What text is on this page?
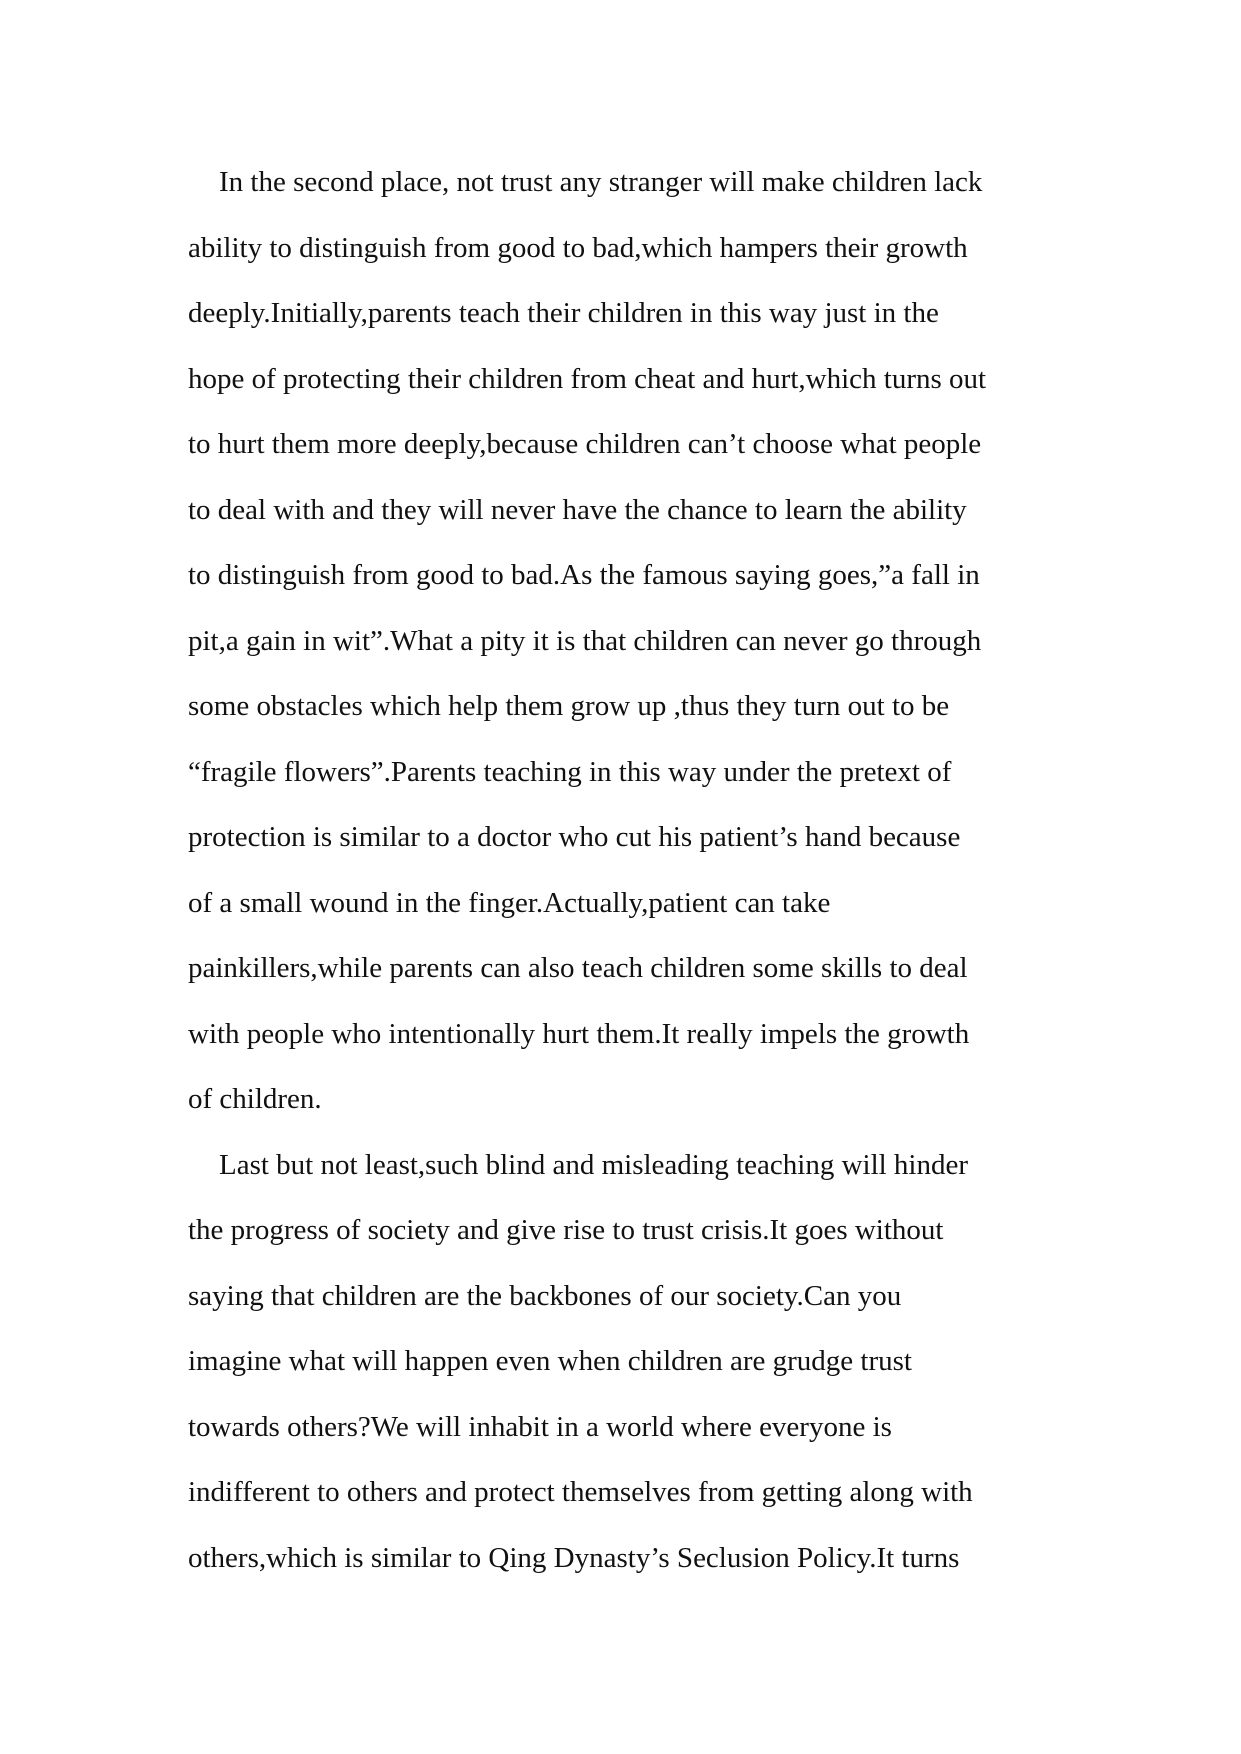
In the second place, not trust any stranger will make children lack
ability to distinguish from good to bad,which hampers their growth
deeply.Initially,parents teach their children in this way just in the
hope of protecting their children from cheat and hurt,which turns out
to hurt them more deeply,because children can’t choose what people
to deal with and they will never have the chance to learn the ability
to distinguish from good to bad.As the famous saying goes,”a fall in
pit,a gain in wit”.What a pity it is that children can never go through
some obstacles which help them grow up ,thus they turn out to be
“fragile flowers”.Parents teaching in this way under the pretext of
protection is similar to a doctor who cut his patient’s hand because
of a small wound in the finger.Actually,patient can take
painkillers,while parents can also teach children some skills to deal
with people who intentionally hurt them.It really impels the growth
of children.
Last but not least,such blind and misleading teaching will hinder
the progress of society and give rise to trust crisis.It goes without
saying that children are the backbones of our society.Can you
imagine what will happen even when children are grudge trust
towards others?We will inhabit in a world where everyone is
indifferent to others and protect themselves from getting along with
others,which is similar to Qing Dynasty’s Seclusion Policy.It turns
